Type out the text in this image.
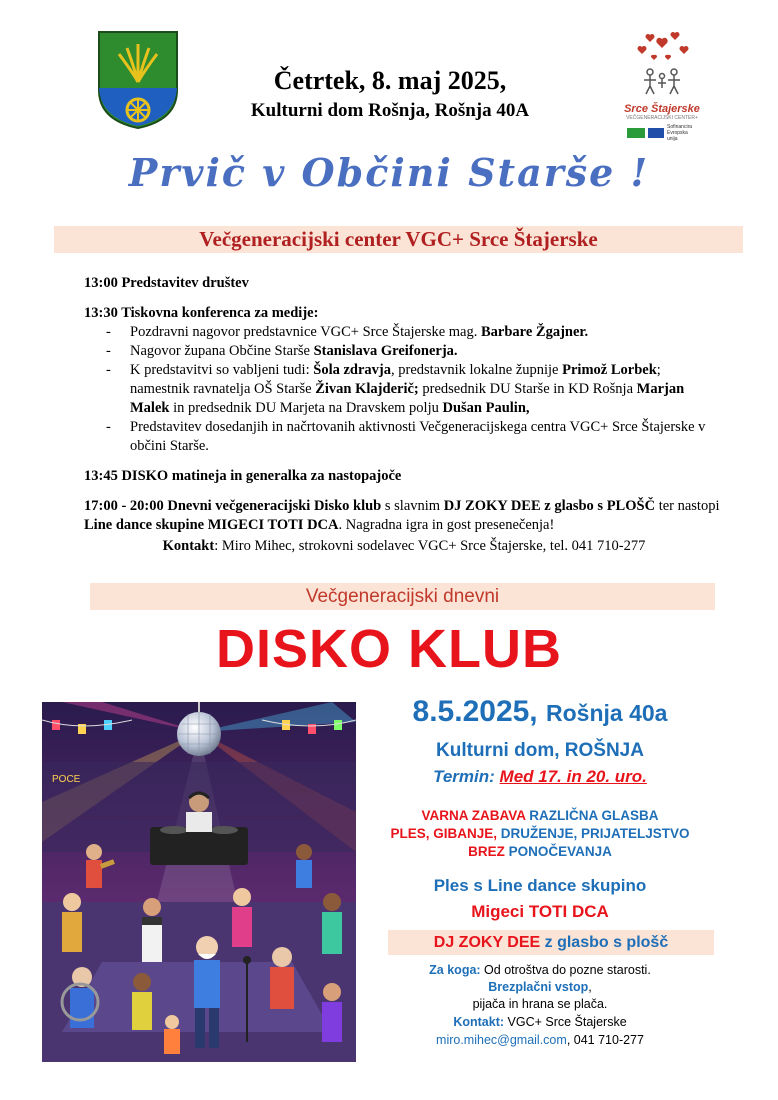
Srce Štajerske
VEČGENERACIJSKI CENTER+
Sofinancira Evropska unija
Četrtek, 8. maj 2025,
Kulturni dom Rošnja, Rošnja 40A
Prvič v Občini Starše !
Večgeneracijski center VGC+ Srce Štajerske

13:00 Predstavitev društev

13:30 Tiskovna konferenca za medije:

- Pozdravni nagovor predstavnice VGC+ Srce Štajerske mag. Barbare Žgajner.
- Nagovor župana Občine Starše Stanislava Greifonerja.
- K predstavitvi so vabljeni tudi: Šola zdravja, predstavnik lokalne župnije Primož Lorbek; namestnik ravnatelja OŠ Starše Živan Klajderič; predsednik DU Starše in KD Rošnja Marjan Malek in predsednik DU Marjeta na Dravskem polju Dušan Paulin,
- Predstavitev dosedanjih in načrtovanih aktivnosti Večgeneracijskega centra VGC+ Srce Štajerske v občini Starše.

13:45 DISKO matineja in generalka za nastopajoče

17:00 - 20:00 Dnevni večgeneracijski Disko klub s slavnim DJ ZOKY DEE z glasbo s PLOŠČ ter nastopi Line dance skupine MIGECI TOTI DCA. Nagradna igra in gost presenečenja!

Kontakt: Miro Mihec, strokovni sodelavec VGC+ Srce Štajerske, tel. 041 710-277
Večgeneracijski dnevni
DISKO KLUB
POCE
8.5.2025, Rošnja 40a
Kulturni dom, ROŠNJA
Termin: Med 17. in 20. uro.
VARNA ZABAVA RAZLIČNA GLASBA
PLES, GIBANJE, DRUŽENJE, PRIJATELJSTVO
BREZ PONOČEVANJA
Ples s Line dance skupino
Migeci TOTI DCA
DJ ZOKY DEE z glasbo s plošč
Za koga: Od otroštva do pozne starosti.
Brezplačni vstop,
pijača in hrana se plača.
Kontakt: VGC+ Srce Štajerske
miro.mihec@gmail.com, 041 710-277
